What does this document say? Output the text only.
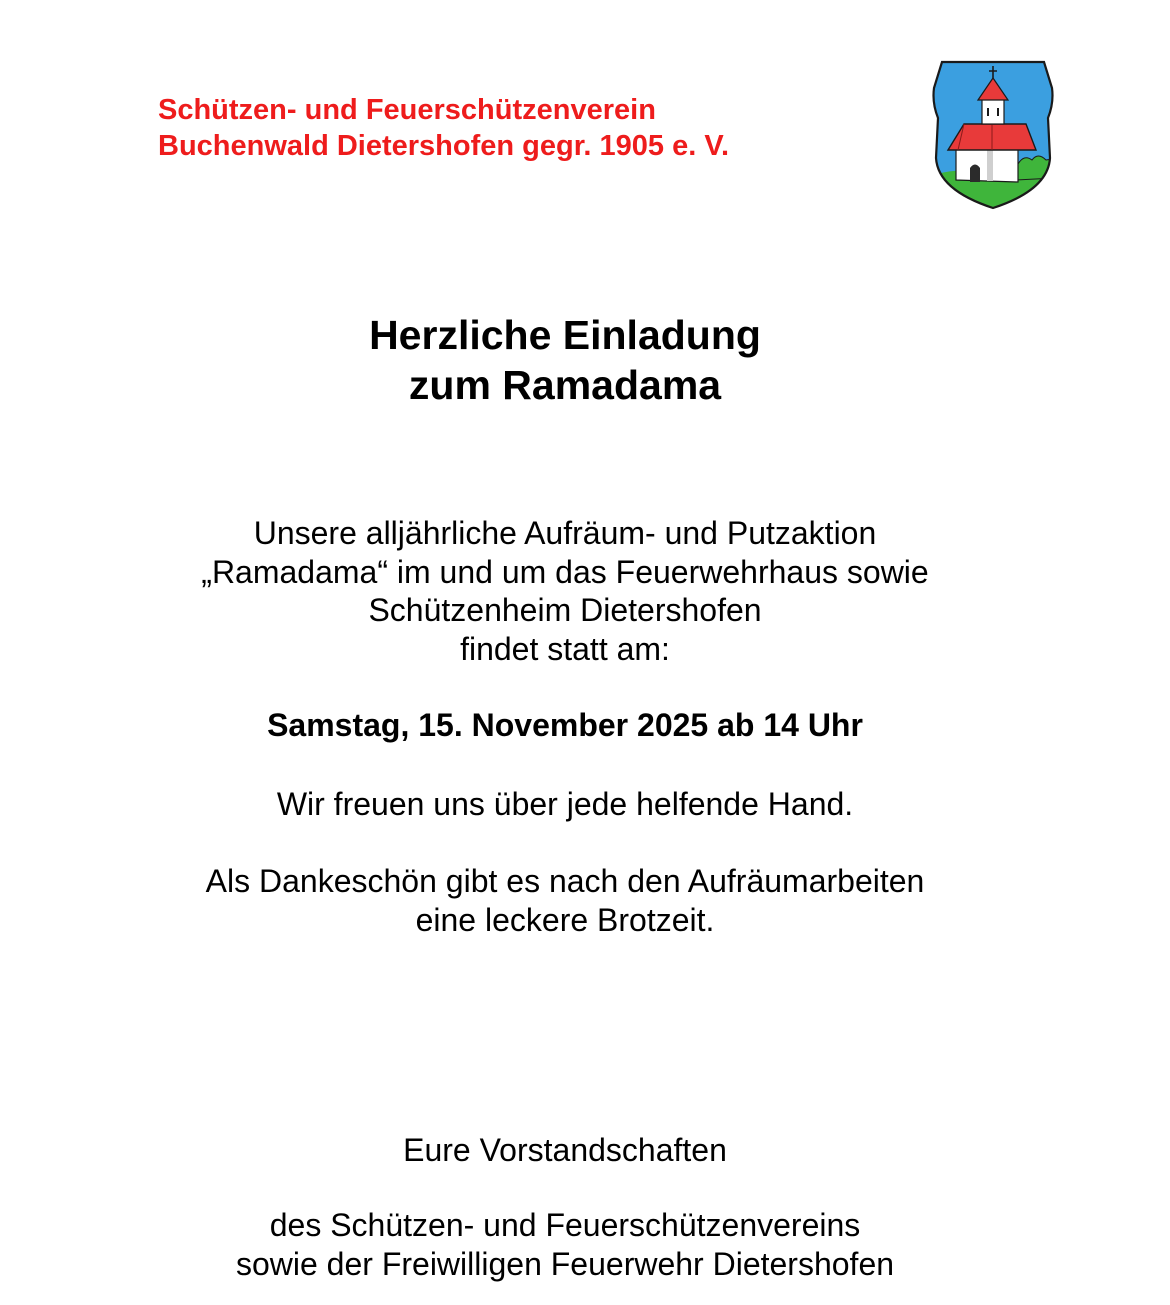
Schützen- und Feuerschützenverein
Buchenwald Dietershofen gegr. 1905 e. V.
Herzliche Einladung
zum Ramadama
Unsere alljährliche Aufräum- und Putzaktion
„Ramadama“ im und um das Feuerwehrhaus sowie
Schützenheim Dietershofen
findet statt am:
Samstag, 15. November 2025 ab 14 Uhr
Wir freuen uns über jede helfende Hand.
Als Dankeschön gibt es nach den Aufräumarbeiten
eine leckere Brotzeit.
Eure Vorstandschaften
des Schützen- und Feuerschützenvereins
sowie der Freiwilligen Feuerwehr Dietershofen
